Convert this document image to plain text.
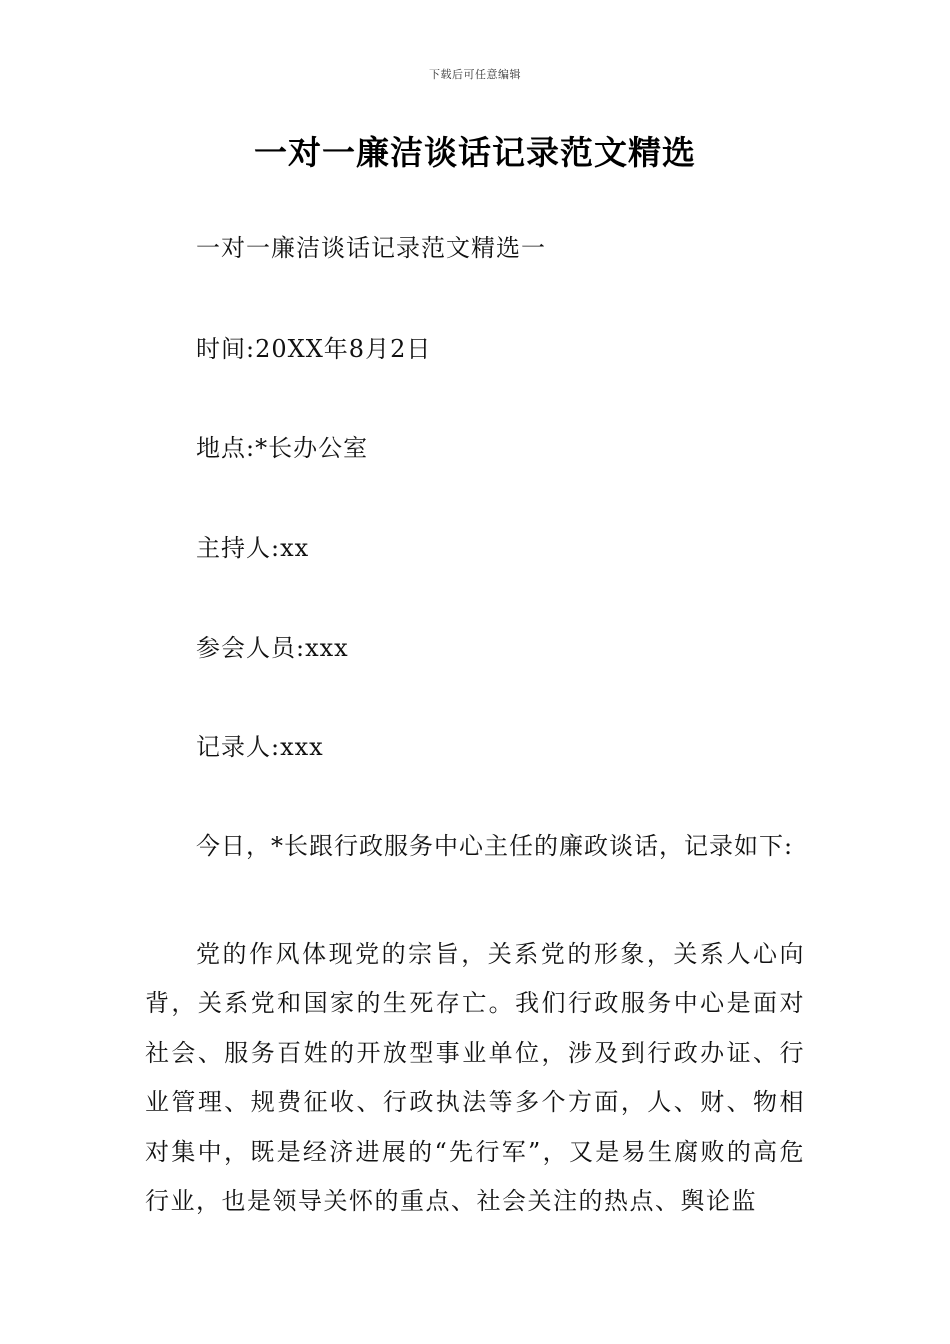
下载后可任意编辑
一对一廉洁谈话记录范文精选
一对一廉洁谈话记录范文精选一
时间:20XX年8月2日
地点:*长办公室
主持人:xx
参会人员:xxx
记录人:xxx
今日，*长跟行政服务中心主任的廉政谈话，记录如下:

党的作风体现党的宗旨，关系党的形象，关系人心向背，关系党和国家的生死存亡。我们行政服务中心是面对社会、服务百姓的开放型事业单位，涉及到行政办证、行业管理、规费征收、行政执法等多个方面，人、财、物相对集中，既是经济进展的“先行军”，又是易生腐败的高危行业，也是领导关怀的重点、社会关注的热点、舆论监
